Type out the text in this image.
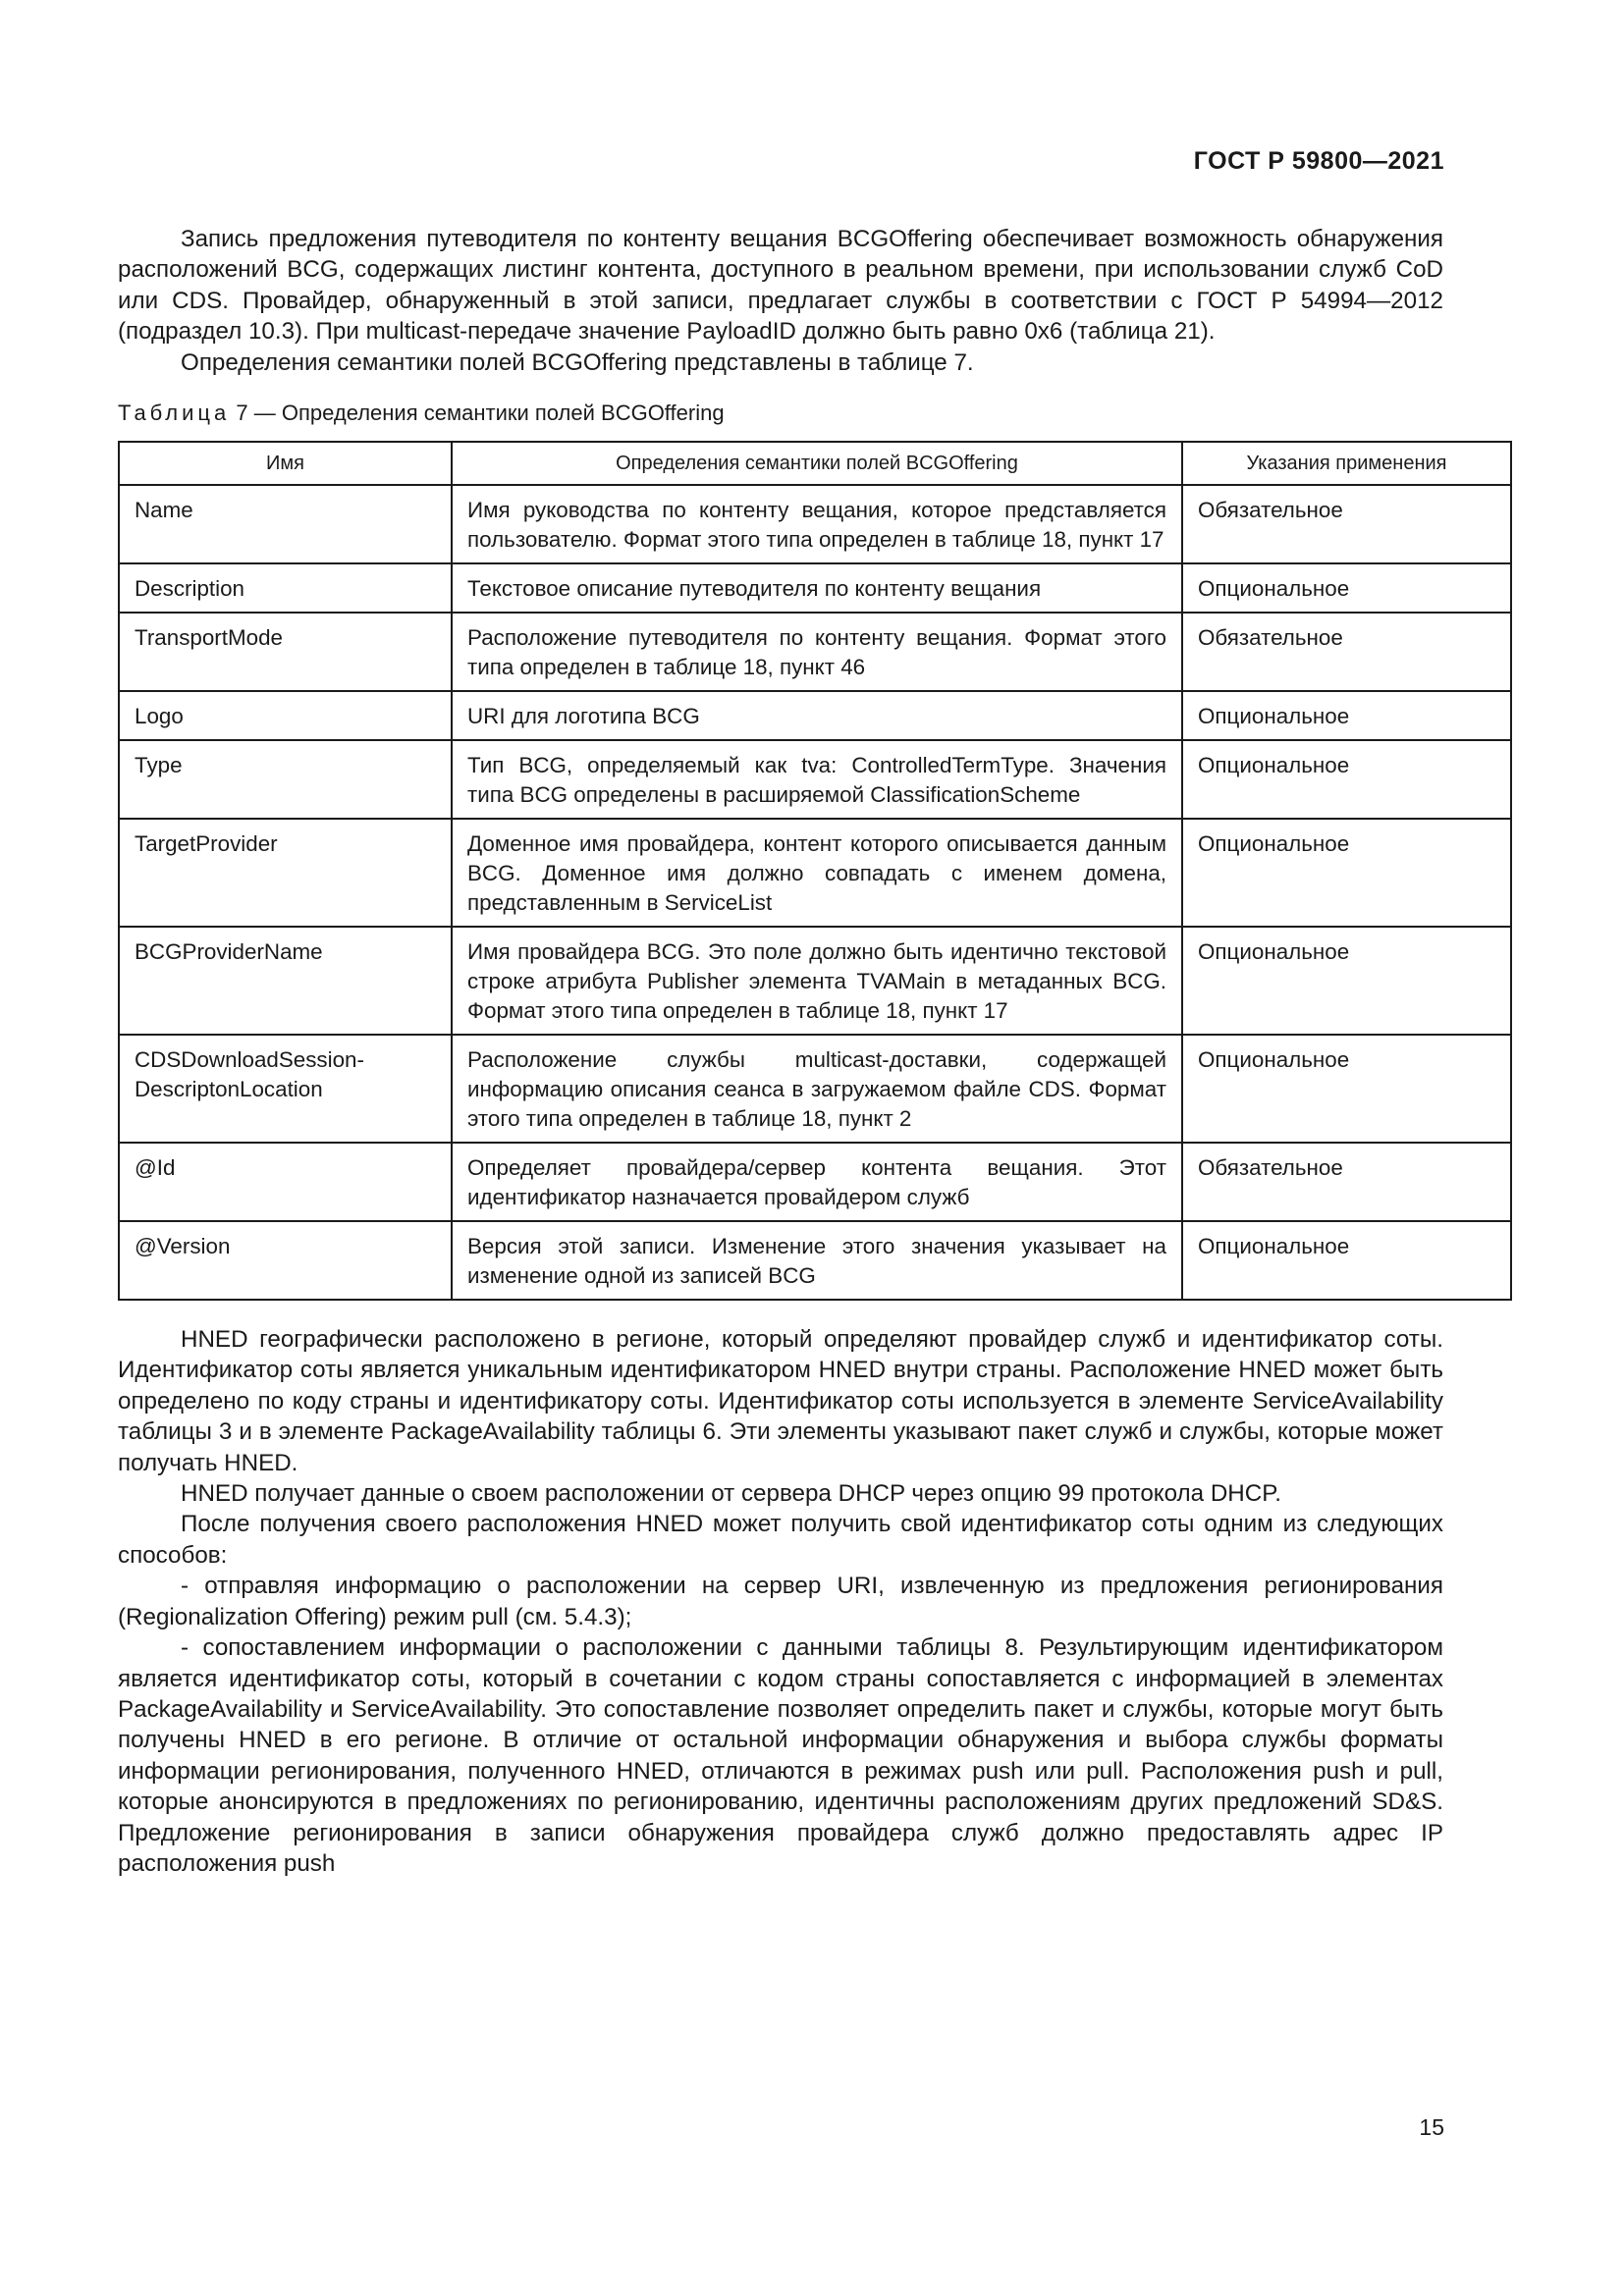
ГОСТ Р 59800—2021

Запись предложения путеводителя по контенту вещания BCGOffering обеспечивает возможность обнаружения расположений BCG, содержащих листинг контента, доступного в реальном времени, при использовании служб CoD или CDS. Провайдер, обнаруженный в этой записи, предлагает службы в соответствии с ГОСТ Р 54994—2012 (подраздел 10.3). При multicast-передаче значение PayloadID должно быть равно 0x6 (таблица 21).

Определения семантики полей BCGOffering представлены в таблице 7.

Таблица 7 — Определения семантики полей BCGOffering
Имя	Определения семантики полей BCGOffering	Указания применения
Name	Имя руководства по контенту вещания, которое представляется пользователю. Формат этого типа определен в таблице 18, пункт 17	Обязательное
Description	Текстовое описание путеводителя по контенту вещания	Опциональное
TransportMode	Расположение путеводителя по контенту вещания. Формат этого типа определен в таблице 18, пункт 46	Обязательное
Logo	URI для логотипа BCG	Опциональное
Type	Тип BCG, определяемый как tva: ControlledTermType. Значения типа BCG определены в расширяемой ClassificationScheme	Опциональное
TargetProvider	Доменное имя провайдера, контент которого описывается данным BCG. Доменное имя должно совпадать с именем домена, представленным в ServiceList	Опциональное
BCGProviderName	Имя провайдера BCG. Это поле должно быть идентично текстовой строке атрибута Publisher элемента TVAMain в метаданных BCG. Формат этого типа определен в таблице 18, пункт 17	Опциональное
CDSDownloadSession-DescriptonLocation	Расположение службы multicast-доставки, содержащей информацию описания сеанса в загружаемом файле CDS. Формат этого типа определен в таблице 18, пункт 2	Опциональное
@Id	Определяет провайдера/сервер контента вещания. Этот идентификатор назначается провайдером служб	Обязательное
@Version	Версия этой записи. Изменение этого значения указывает на изменение одной из записей BCG	Опциональное

HNED географически расположено в регионе, который определяют провайдер служб и идентификатор соты. Идентификатор соты является уникальным идентификатором HNED внутри страны. Расположение HNED может быть определено по коду страны и идентификатору соты. Идентификатор соты используется в элементе ServiceAvailability таблицы 3 и в элементе PackageAvailability таблицы 6. Эти элементы указывают пакет служб и службы, которые может получать HNED.

HNED получает данные о своем расположении от сервера DHCP через опцию 99 протокола DHCP.

После получения своего расположения HNED может получить свой идентификатор соты одним из следующих способов:

- отправляя информацию о расположении на сервер URI, извлеченную из предложения регионирования (Regionalization Offering) режим pull (см. 5.4.3);

- сопоставлением информации о расположении с данными таблицы 8. Результирующим идентификатором является идентификатор соты, который в сочетании с кодом страны сопоставляется с информацией в элементах PackageAvailability и ServiceAvailability. Это сопоставление позволяет определить пакет и службы, которые могут быть получены HNED в его регионе. В отличие от остальной информации обнаружения и выбора службы форматы информации регионирования, полученного HNED, отличаются в режимах push или pull. Расположения push и pull, которые анонсируются в предложениях по регионированию, идентичны расположениям других предложений SD&S. Предложение регионирования в записи обнаружения провайдера служб должно предоставлять адрес IP расположения push

15
